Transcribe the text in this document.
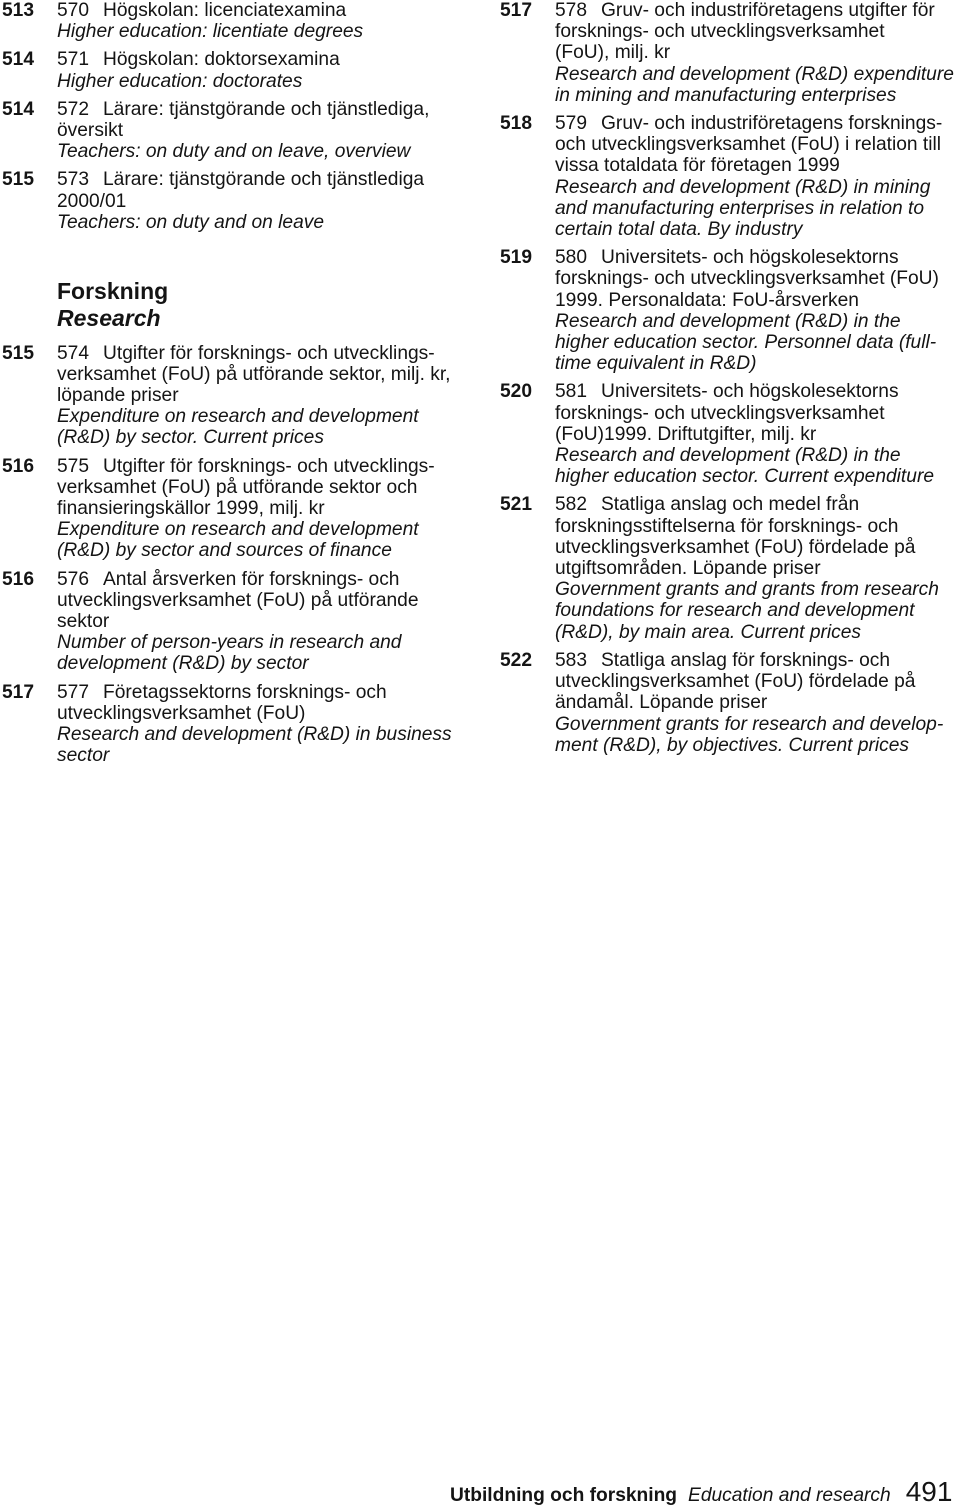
513	570 Högskolan: licenciatexamina
Higher education: licentiate degrees
514	571 Högskolan: doktorsexamina
Higher education: doctorates
514	572 Lärare: tjänstgörande och tjänstlediga,
översikt
Teachers: on duty and on leave, overview
515	573 Lärare: tjänstgörande och tjänstlediga
2000/01
Teachers: on duty and on leave
Forskning
Research
515	574 Utgifter för forsknings- och utvecklings-
verksamhet (FoU) på utförande sektor, milj. kr,
löpande priser
Expenditure on research and development
(R&D) by sector. Current prices
516	575 Utgifter för forsknings- och utvecklings-
verksamhet (FoU) på utförande sektor och
finansieringskällor 1999, milj. kr
Expenditure on research and development
(R&D) by sector and sources of finance
516	576 Antal årsverken för forsknings- och
utvecklingsverksamhet (FoU) på utförande
sektor
Number of person-years in research and
development (R&D) by sector
517	577 Företagssektorns forsknings- och
utvecklingsverksamhet (FoU)
Research and development (R&D) in business
sector
517	578 Gruv- och industriföretagens utgifter för
forsknings- och utvecklingsverksamhet
(FoU), milj. kr
Research and development (R&D) expenditure
in mining and manufacturing enterprises
518	579 Gruv- och industriföretagens forsknings-
och utvecklingsverksamhet (FoU) i relation till
vissa totaldata för företagen 1999
Research and development (R&D) in mining
and manufacturing enterprises in relation to
certain total data. By industry
519	580 Universitets- och högskolesektorns
forsknings- och utvecklingsverksamhet (FoU)
1999. Personaldata: FoU-årsverken
Research and development (R&D) in the
higher education sector. Personnel data (full-
time equivalent in R&D)
520	581 Universitets- och högskolesektorns
forsknings- och utvecklingsverksamhet
(FoU)1999. Driftutgifter, milj. kr
Research and development (R&D) in the
higher education sector. Current expenditure
521	582 Statliga anslag och medel från
forskningsstiftelserna för forsknings- och
utvecklingsverksamhet (FoU) fördelade på
utgiftsområden. Löpande priser
Government grants and grants from research
foundations for research and development
(R&D), by main area. Current prices
522	583 Statliga anslag för forsknings- och
utvecklingsverksamhet (FoU) fördelade på
ändamål. Löpande priser
Government grants for research and develop-
ment (R&D), by objectives. Current prices
Utbildning och forskning Education and research 491
